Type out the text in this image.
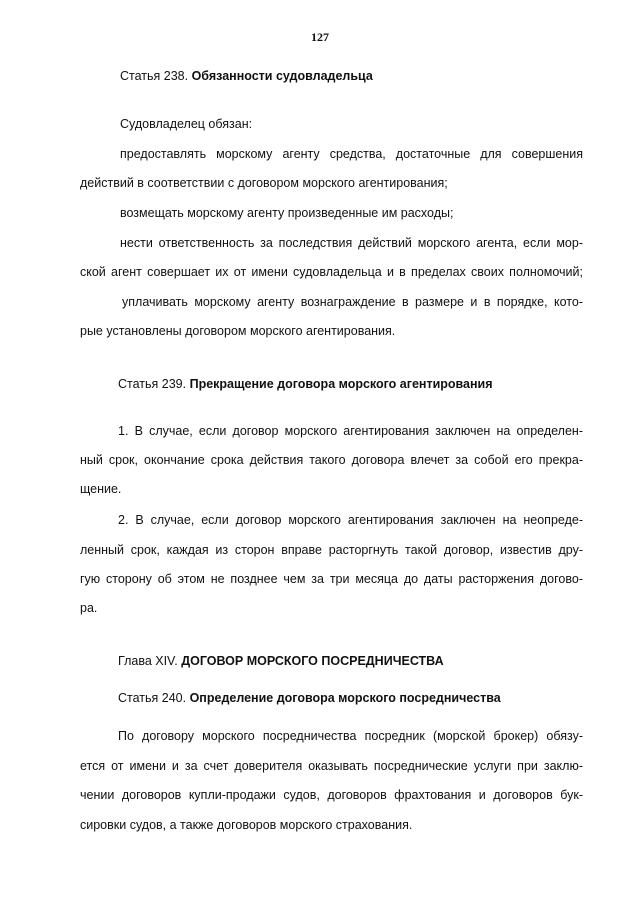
127
Статья 238. Обязанности судовладельца
Судовладелец обязан:
предоставлять морскому агенту средства, достаточные для совершения
действий в соответствии с договором морского агентирования;
возмещать морскому агенту произведенные им расходы;
нести ответственность за последствия действий морского агента, если мор-
ской агент совершает их от имени судовладельца и в пределах своих полномочий;
уплачивать морскому агенту вознаграждение в размере и в порядке, кото-
рые установлены договором морского агентирования.
Статья 239. Прекращение договора морского агентирования
1. В случае, если договор морского агентирования заключен на определен-
ный срок, окончание срока действия такого договора влечет за собой его прекра-
щение.
2. В случае, если договор морского агентирования заключен на неопреде-
ленный срок, каждая из сторон вправе расторгнуть такой договор, известив дру-
гую сторону об этом не позднее чем за три месяца до даты расторжения догово-
ра.
Глава XIV. ДОГОВОР МОРСКОГО ПОСРЕДНИЧЕСТВА
Статья 240. Определение договора морского посредничества
По договору морского посредничества посредник (морской брокер) обязу-
ется от имени и за счет доверителя оказывать посреднические услуги при заклю-
чении договоров купли-продажи судов, договоров фрахтования и договоров бук-
сировки судов, а также договоров морского страхования.
